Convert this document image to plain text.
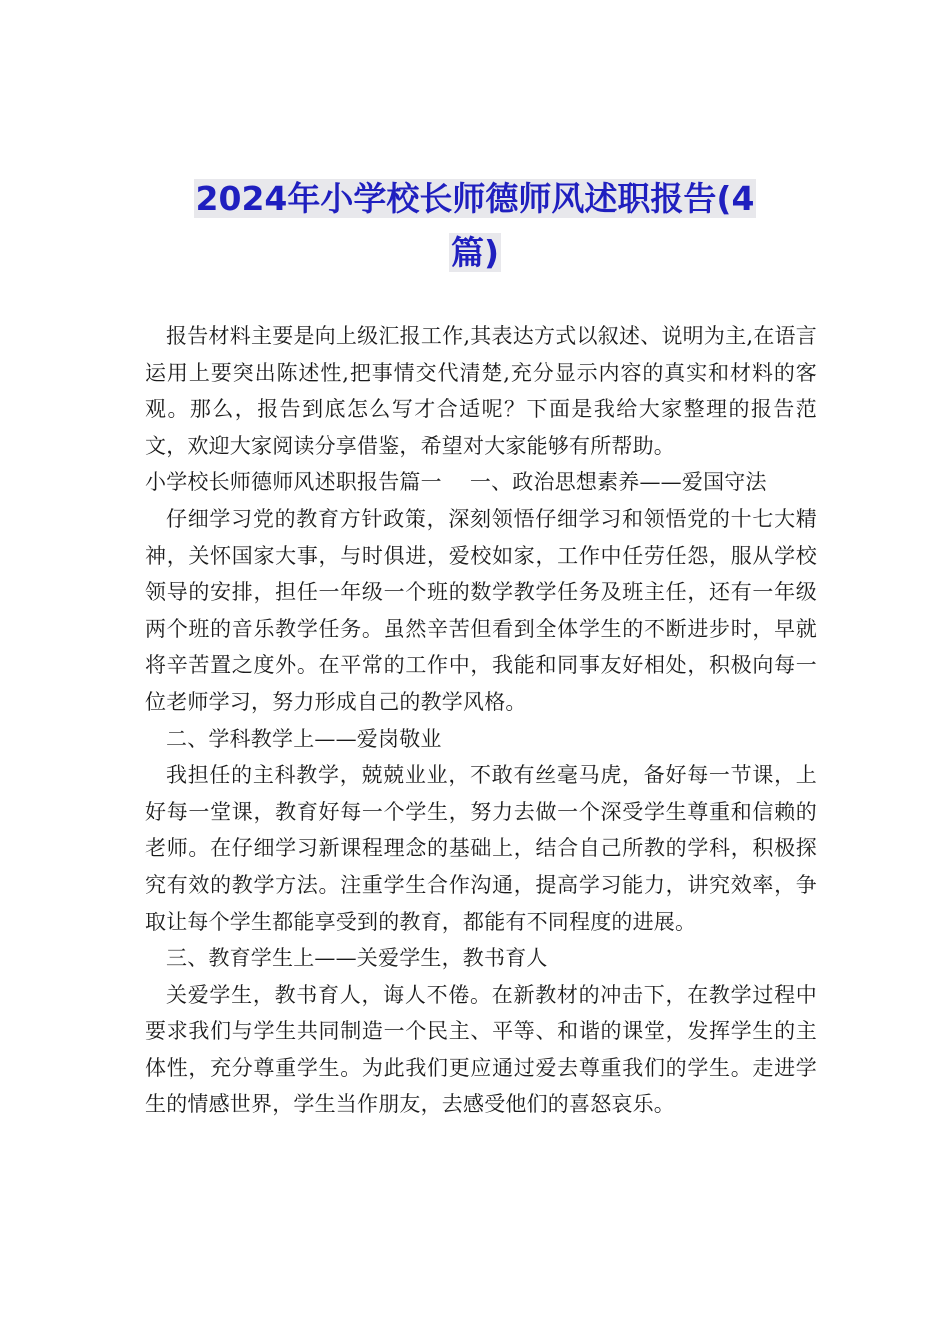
2024年小学校长师德师风述职报告(4
篇)

报告材料主要是向上级汇报工作,其表达方式以叙述、说明为主,在语言运用上要突出陈述性,把事情交代清楚,充分显示内容的真实和材料的客观。那么，报告到底怎么写才合适呢？下面是我给大家整理的报告范文，欢迎大家阅读分享借鉴，希望对大家能够有所帮助。

小学校长师德师风述职报告篇一　 一、政治思想素养——爱国守法

仔细学习党的教育方针政策，深刻领悟仔细学习和领悟党的十七大精神，关怀国家大事，与时俱进，爱校如家，工作中任劳任怨，服从学校领导的安排，担任一年级一个班的数学教学任务及班主任，还有一年级两个班的音乐教学任务。虽然辛苦但看到全体学生的不断进步时，早就将辛苦置之度外。在平常的工作中，我能和同事友好相处，积极向每一位老师学习，努力形成自己的教学风格。

二、学科教学上——爱岗敬业

我担任的主科教学，兢兢业业，不敢有丝毫马虎，备好每一节课，上好每一堂课，教育好每一个学生，努力去做一个深受学生尊重和信赖的老师。在仔细学习新课程理念的基础上，结合自己所教的学科，积极探究有效的教学方法。注重学生合作沟通，提高学习能力，讲究效率，争取让每个学生都能享受到的教育，都能有不同程度的进展。

三、教育学生上——关爱学生，教书育人

关爱学生，教书育人，诲人不倦。在新教材的冲击下，在教学过程中要求我们与学生共同制造一个民主、平等、和谐的课堂，发挥学生的主体性，充分尊重学生。为此我们更应通过爱去尊重我们的学生。走进学生的情感世界，学生当作朋友，去感受他们的喜怒哀乐。
